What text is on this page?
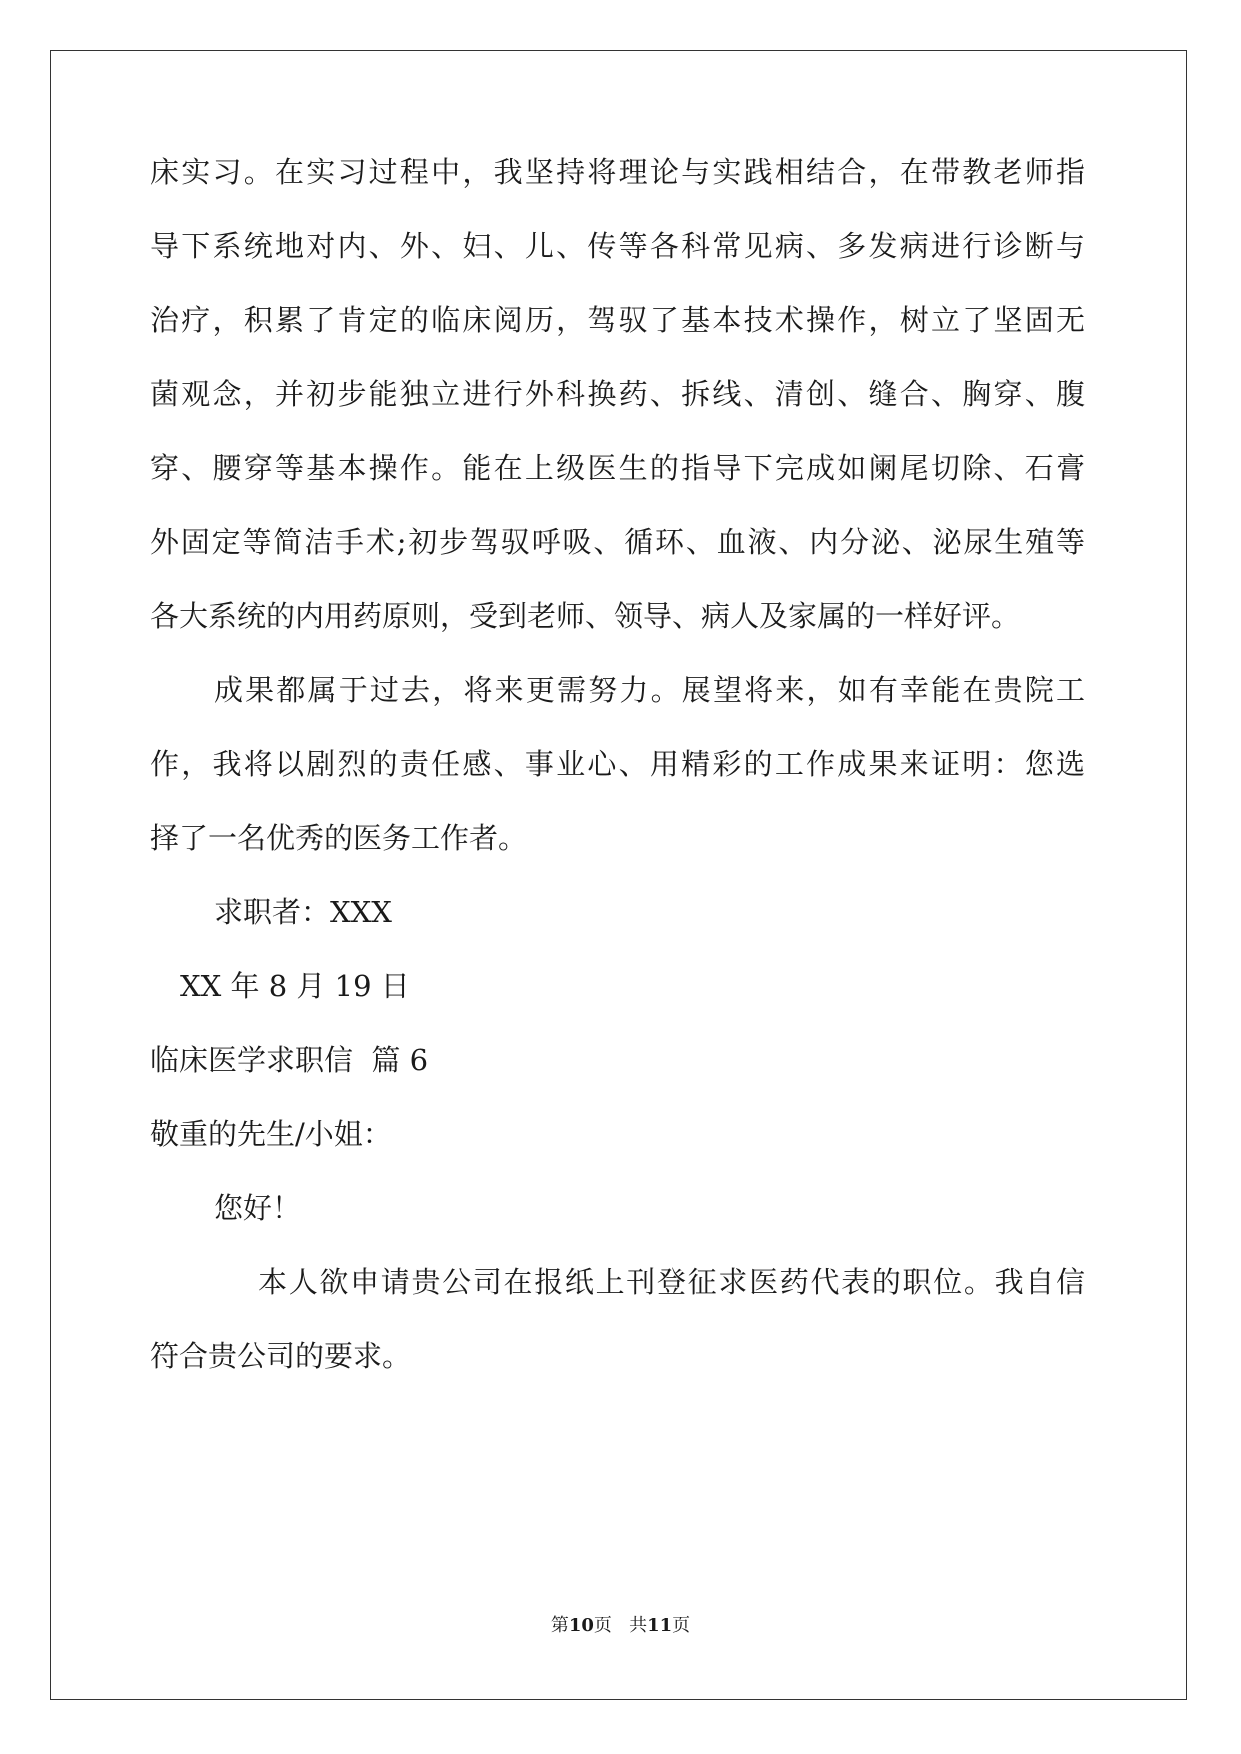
床实习。在实习过程中，我坚持将理论与实践相结合，在带教老师指
导下系统地对内、外、妇、儿、传等各科常见病、多发病进行诊断与
治疗，积累了肯定的临床阅历，驾驭了基本技术操作，树立了坚固无
菌观念，并初步能独立进行外科换药、拆线、清创、缝合、胸穿、腹
穿、腰穿等基本操作。能在上级医生的指导下完成如阑尾切除、石膏
外固定等简洁手术;初步驾驭呼吸、循环、血液、内分泌、泌尿生殖等
各大系统的内用药原则，受到老师、领导、病人及家属的一样好评。
成果都属于过去，将来更需努力。展望将来，如有幸能在贵院工
作，我将以剧烈的责任感、事业心、用精彩的工作成果来证明：您选
择了一名优秀的医务工作者。
求职者：XXX
XX 年 8 月 19 日
临床医学求职信  篇 6
敬重的先生/小姐：
您好！
本人欲申请贵公司在报纸上刊登征求医药代表的职位。我自信
符合贵公司的要求。
第10页   共11页
